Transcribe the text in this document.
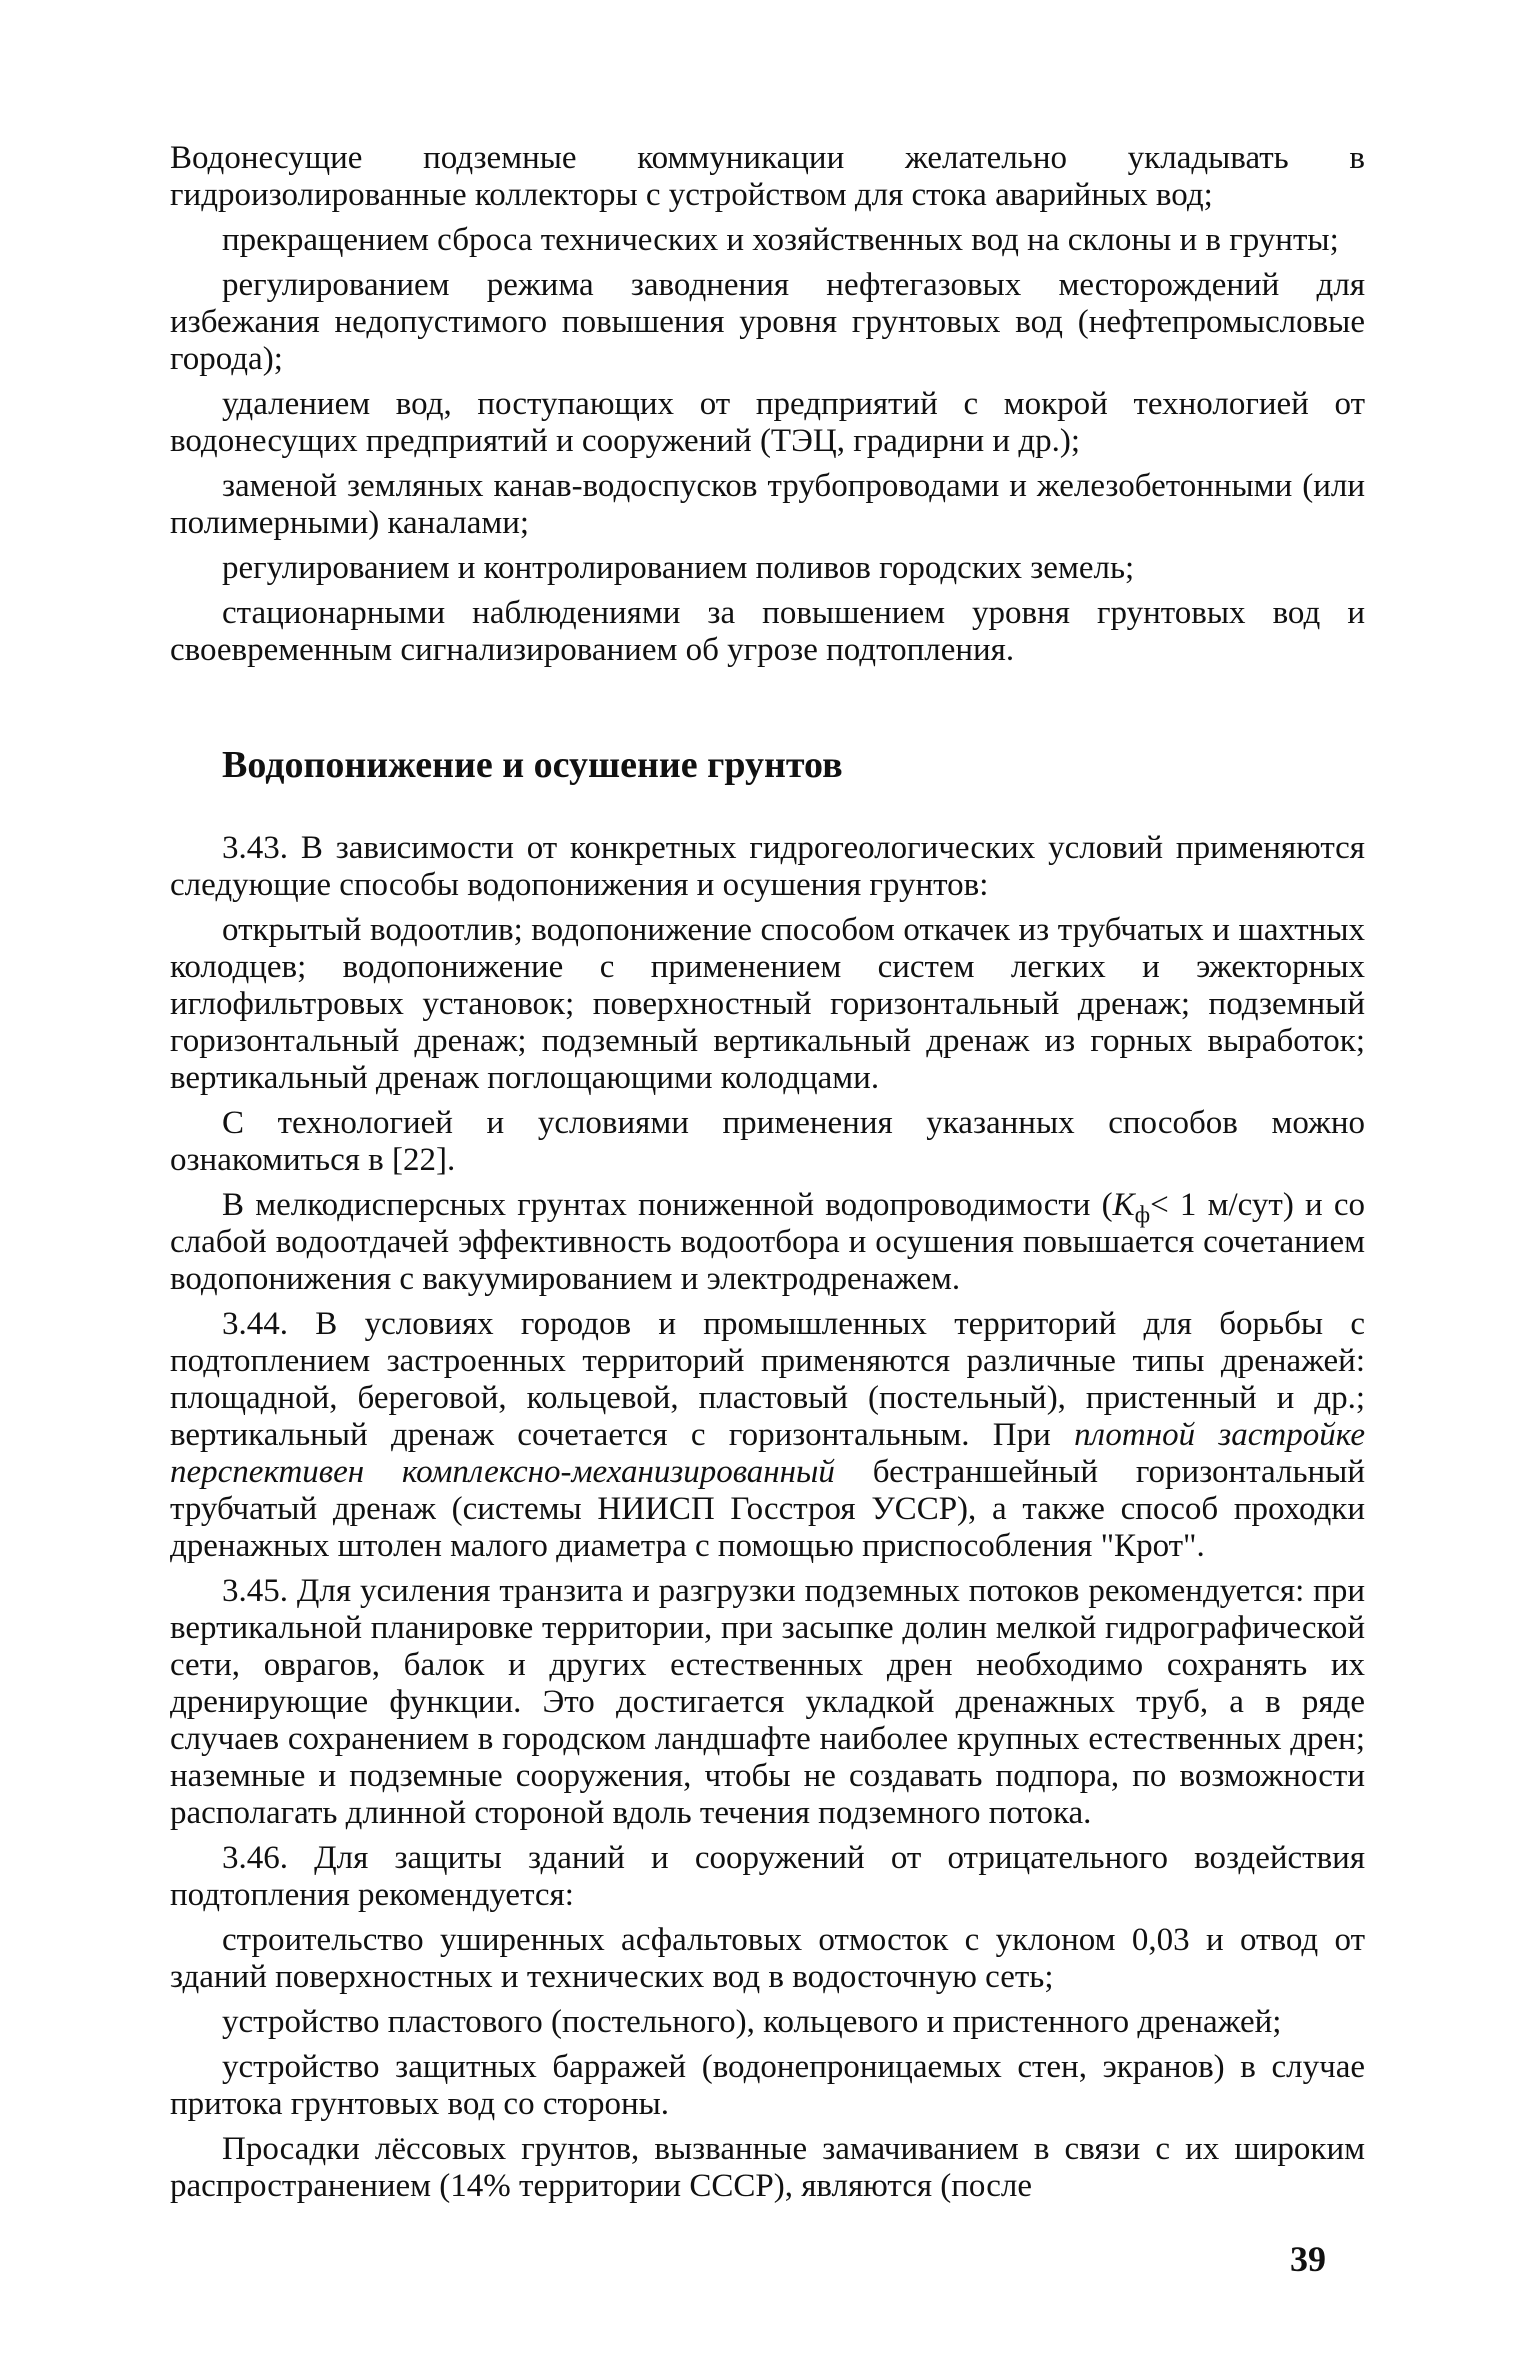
Водонесущие подземные коммуникации желательно укладывать в гидроизолированные коллекторы с устройством для стока аварийных вод;

прекращением сброса технических и хозяйственных вод на склоны и в грунты;

регулированием режима заводнения нефтегазовых месторождений для избежания недопустимого повышения уровня грунтовых вод (нефтепромысловые города);

удалением вод, поступающих от предприятий с мокрой технологией от водонесущих предприятий и сооружений (ТЭЦ, градирни и др.);

заменой земляных канав-водоспусков трубопроводами и железобетонными (или полимерными) каналами;

регулированием и контролированием поливов городских земель;

стационарными наблюдениями за повышением уровня грунтовых вод и своевременным сигнализированием об угрозе подтопления.

Водопонижение и осушение грунтов

3.43. В зависимости от конкретных гидрогеологических условий применяются следующие способы водопонижения и осушения грунтов:

открытый водоотлив; водопонижение способом откачек из трубчатых и шахтных колодцев; водопонижение с применением систем легких и эжекторных иглофильтровых установок; поверхностный горизонтальный дренаж; подземный горизонтальный дренаж; подземный вертикальный дренаж из горных выработок; вертикальный дренаж поглощающими колодцами.

С технологией и условиями применения указанных способов можно ознакомиться в [22].

В мелкодисперсных грунтах пониженной водопроводимости ($К_ф< 1$ м/сут) и со слабой водоотдачей эффективность водоотбора и осушения повышается сочетанием водопонижения с вакуумированием и электродренажем.

3.44. В условиях городов и промышленных территорий для борьбы с подтоплением застроенных территорий применяются различные типы дренажей: площадной, береговой, кольцевой, пластовый (постельный), пристенный и др.; вертикальный дренаж сочетается с горизонтальным. При плотной застройке перспективен комплексно-механизированный бестраншейный горизонтальный трубчатый дренаж (системы НИИСП Госстроя УССР), а также способ проходки дренажных штолен малого диаметра с помощью приспособления "Крот".

3.45. Для усиления транзита и разгрузки подземных потоков рекомендуется: при вертикальной планировке территории, при засыпке долин мелкой гидрографической сети, оврагов, балок и других естественных дрен необходимо сохранять их дренирующие функции. Это достигается укладкой дренажных труб, а в ряде случаев сохранением в городском ландшафте наиболее крупных естественных дрен; наземные и подземные сооружения, чтобы не создавать подпора, по возможности располагать длинной стороной вдоль течения подземного потока.

3.46. Для защиты зданий и сооружений от отрицательного воздействия подтопления рекомендуется:

строительство уширенных асфальтовых отмосток с уклоном 0,03 и отвод от зданий поверхностных и технических вод в водосточную сеть;

устройство пластового (постельного), кольцевого и пристенного дренажей;

устройство защитных барражей (водонепроницаемых стен, экранов) в случае притока грунтовых вод со стороны.

Просадки лёссовых грунтов, вызванные замачиванием в связи с их широким распространением (14% территории СССР), являются (после

39
